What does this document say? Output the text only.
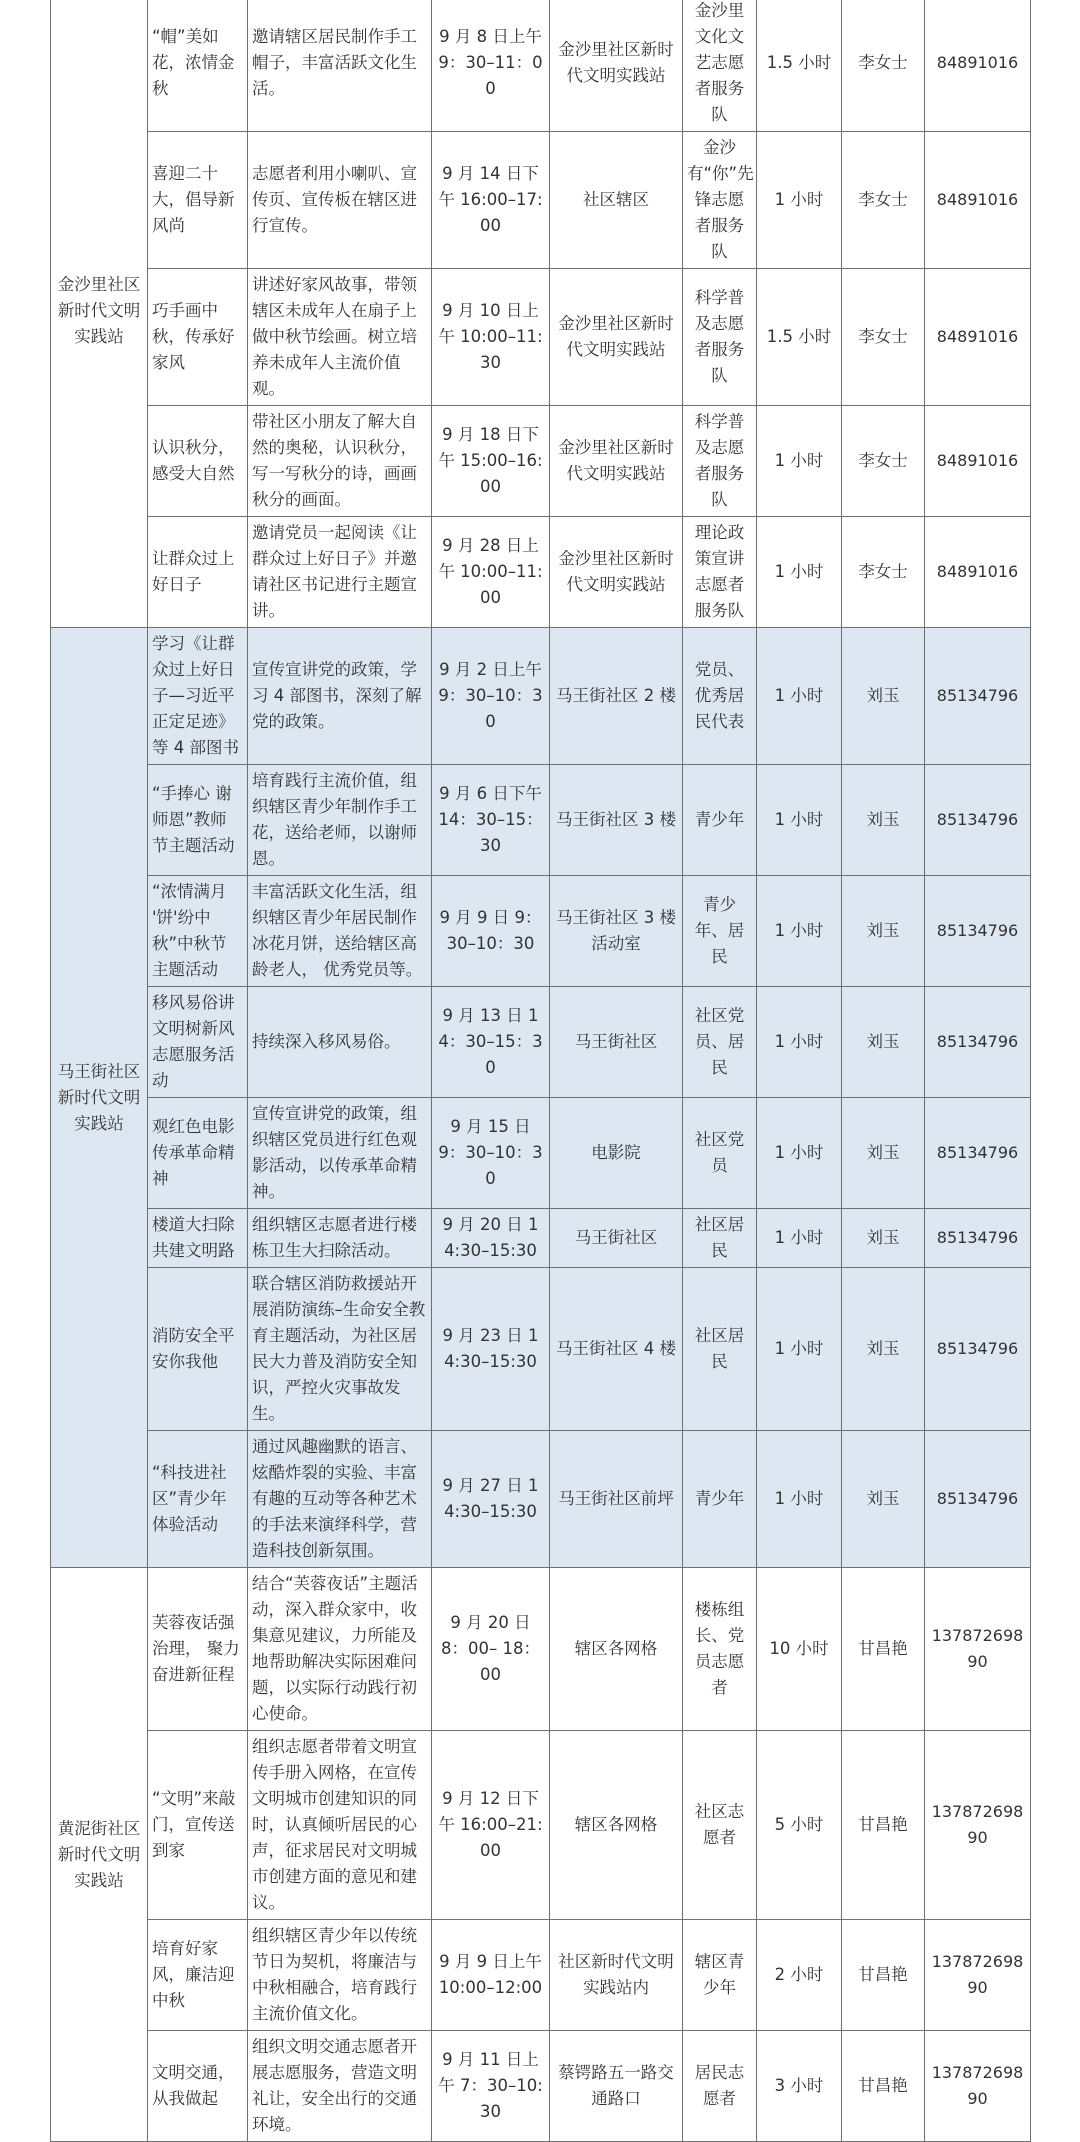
金沙里社区新时代文明实践站	“帽”美如花，浓情金秋	邀请辖区居民制作手工帽子，丰富活跃文化生活。	9 月 8 日上午 9：30–11：00	金沙里社区新时代文明实践站	金沙里文化文艺志愿者服务队	1.5 小时	李女士	84891016
	喜迎二十大，倡导新风尚	志愿者利用小喇叭、宣传页、宣传板在辖区进行宣传。	9 月 14 日下午 16:00–17:00	社区辖区	金沙有“你”先锋志愿者服务队	1 小时	李女士	84891016
	巧手画中秋，传承好家风	讲述好家风故事，带领辖区未成年人在扇子上做中秋节绘画。树立培养未成年人主流价值观。	9 月 10 日上午 10:00–11:30	金沙里社区新时代文明实践站	科学普及志愿者服务队	1.5 小时	李女士	84891016
	认识秋分，感受大自然	带社区小朋友了解大自然的奥秘，认识秋分，写一写秋分的诗，画画秋分的画面。	9 月 18 日下午 15:00–16:00	金沙里社区新时代文明实践站	科学普及志愿者服务队	1 小时	李女士	84891016
	让群众过上好日子	邀请党员一起阅读《让群众过上好日子》并邀请社区书记进行主题宣讲。	9 月 28 日上午 10:00–11:00	金沙里社区新时代文明实践站	理论政策宣讲志愿者服务队	1 小时	李女士	84891016
马王街社区新时代文明实践站	学习《让群众过上好日子—习近平正定足迹》等 4 部图书	宣传宣讲党的政策，学习 4 部图书，深刻了解党的政策。	9 月 2 日上午 9：30–10：30	马王街社区 2 楼	党员、优秀居民代表	1 小时	刘玉	85134796
	“手捧心 谢师恩”教师节主题活动	培育践行主流价值，组织辖区青少年制作手工花，送给老师，以谢师恩。	9 月 6 日下午 14：30–15：30	马王街社区 3 楼	青少年	1 小时	刘玉	85134796
	“浓情满月 '饼'纷中秋”中秋节主题活动	丰富活跃文化生活，组织辖区青少年居民制作冰花月饼，送给辖区高龄老人， 优秀党员等。	9 月 9 日 9：30–10：30	马王街社区 3 楼活动室	青少年、居民	1 小时	刘玉	85134796
	移风易俗讲文明树新风志愿服务活动	持续深入移风易俗。	9 月 13 日 14：30–15：30	马王街社区	社区党员、居民	1 小时	刘玉	85134796
	观红色电影传承革命精神	宣传宣讲党的政策，组织辖区党员进行红色观影活动，以传承革命精神。	9 月 15 日 9：30–10：30	电影院	社区党员	1 小时	刘玉	85134796
	楼道大扫除共建文明路	组织辖区志愿者进行楼栋卫生大扫除活动。	9 月 20 日 14:30–15:30	马王街社区	社区居民	1 小时	刘玉	85134796
	消防安全平安你我他	联合辖区消防救援站开展消防演练–生命安全教育主题活动，为社区居民大力普及消防安全知识，严控火灾事故发生。	9 月 23 日 14:30–15:30	马王街社区 4 楼	社区居民	1 小时	刘玉	85134796
	“科技进社区”青少年体验活动	通过风趣幽默的语言、炫酷炸裂的实验、丰富有趣的互动等各种艺术的手法来演绎科学，营造科技创新氛围。	9 月 27 日 14:30–15:30	马王街社区前坪	青少年	1 小时	刘玉	85134796
黄泥街社区新时代文明实践站	芙蓉夜话强治理， 聚力奋进新征程	结合“芙蓉夜话”主题活动，深入群众家中，收集意见建议，力所能及地帮助解决实际困难问题，以实际行动践行初心使命。	9 月 20 日 8：00– 18：00	辖区各网格	楼栋组长、党员志愿者	10 小时	甘昌艳	13787269890
	“文明”来敲门，宣传送到家	组织志愿者带着文明宣传手册入网格，在宣传文明城市创建知识的同时，认真倾听居民的心声，征求居民对文明城市创建方面的意见和建议。	9 月 12 日下午 16:00–21:00	辖区各网格	社区志愿者	5 小时	甘昌艳	13787269890
	培育好家风，廉洁迎中秋	组织辖区青少年以传统节日为契机，将廉洁与中秋相融合，培育践行主流价值文化。	9 月 9 日上午 10:00–12:00	社区新时代文明实践站内	辖区青少年	2 小时	甘昌艳	13787269890
	文明交通，从我做起	组织文明交通志愿者开展志愿服务，营造文明礼让，安全出行的交通环境。	9 月 11 日上午 7：30–10:30	蔡锷路五一路交通路口	居民志愿者	3 小时	甘昌艳	13787269890
